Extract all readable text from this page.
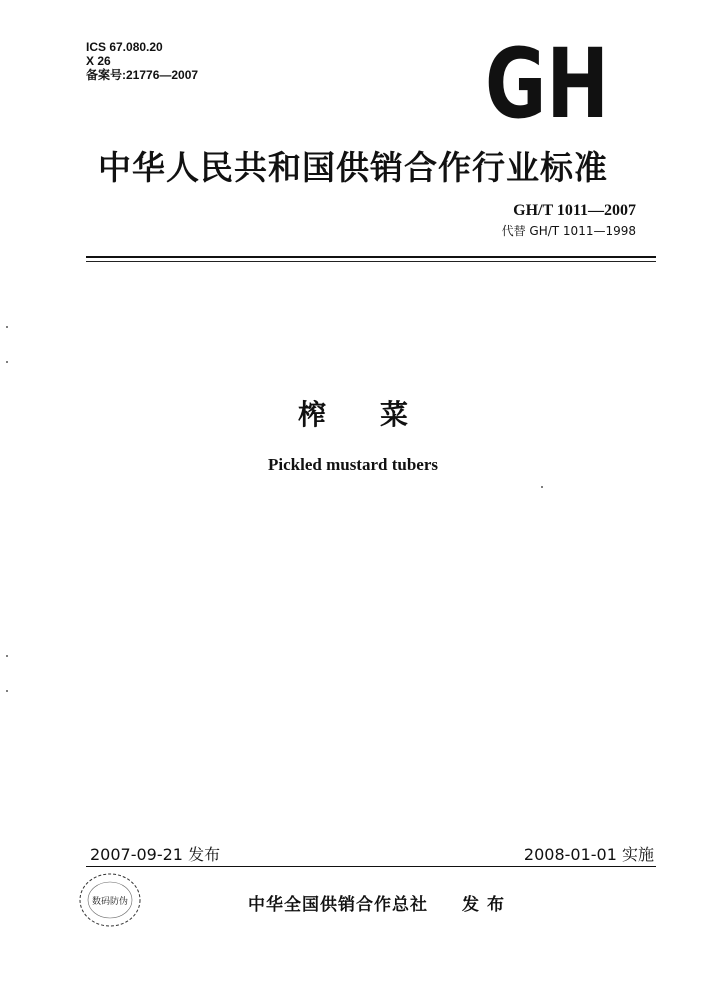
ICS 67.080.20
X 26
备案号:21776—2007	GH
中华人民共和国供销合作行业标准
GH/T 1011—2007
代替 GH/T 1011—1998
榨菜
Pickled mustard tubers
2007-09-21 发布	2008-01-01 实施
数码防伪	中华全国供销合作总社 发布
